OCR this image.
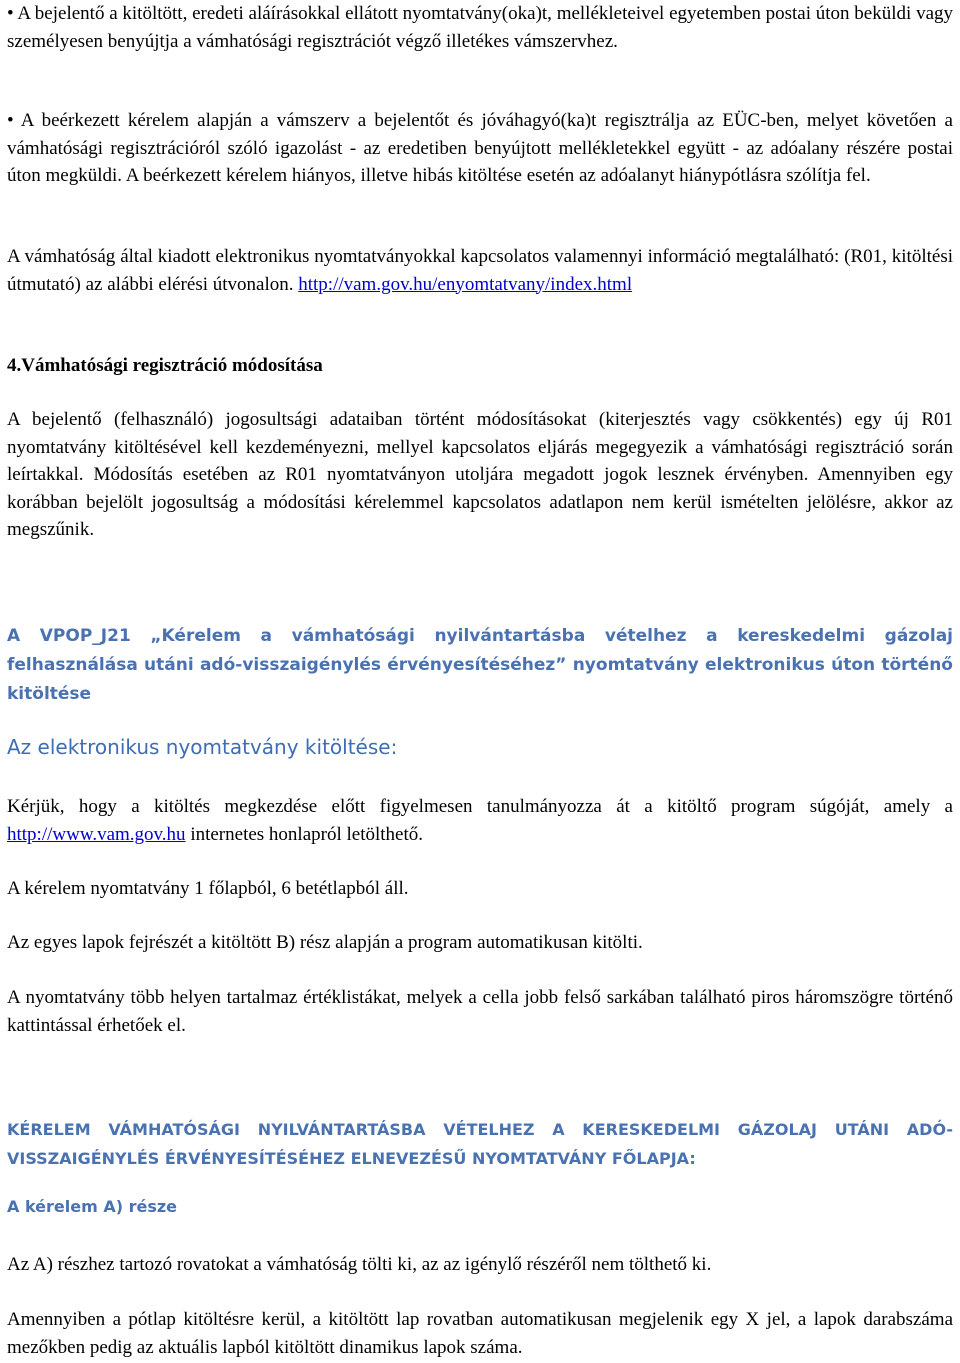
• A bejelentő a kitöltött, eredeti aláírásokkal ellátott nyomtatvány(oka)t, mellékleteivel egyetemben postai úton beküldi vagy személyesen benyújtja a vámhatósági regisztrációt végző illetékes vámszervhez.
• A beérkezett kérelem alapján a vámszerv a bejelentőt és jóváhagyó(ka)t regisztrálja az EÜC-ben, melyet követően a vámhatósági regisztrációról szóló igazolást - az eredetiben benyújtott mellékletekkel együtt - az adóalany részére postai úton megküldi. A beérkezett kérelem hiányos, illetve hibás kitöltése esetén az adóalanyt hiánypótlásra szólítja fel.

A vámhatóság által kiadott elektronikus nyomtatványokkal kapcsolatos valamennyi információ megtalálható: (R01, kitöltési útmutató) az alábbi elérési útvonalon. http://vam.gov.hu/enyomtatvany/index.html

4.Vámhatósági regisztráció módosítása

A bejelentő (felhasználó) jogosultsági adataiban történt módosításokat (kiterjesztés vagy csökkentés) egy új R01 nyomtatvány kitöltésével kell kezdeményezni, mellyel kapcsolatos eljárás megegyezik a vámhatósági regisztráció során leírtakkal. Módosítás esetében az R01 nyomtatványon utoljára megadott jogok lesznek érvényben. Amennyiben egy korábban bejelölt jogosultság a módosítási kérelemmel kapcsolatos adatlapon nem kerül ismételten jelölésre, akkor az megszűnik.

A VPOP_J21 „Kérelem a vámhatósági nyilvántartásba vételhez a kereskedelmi gázolaj felhasználása utáni adó-visszaigénylés érvényesítéséhez” nyomtatvány elektronikus úton történő kitöltése
Az elektronikus nyomtatvány kitöltése:

Kérjük, hogy a kitöltés megkezdése előtt figyelmesen tanulmányozza át a kitöltő program súgóját, amely a http://www.vam.gov.hu internetes honlapról letölthető.

A kérelem nyomtatvány 1 főlapból, 6 betétlapból áll.

Az egyes lapok fejrészét a kitöltött B) rész alapján a program automatikusan kitölti.

A nyomtatvány több helyen tartalmaz értéklistákat, melyek a cella jobb felső sarkában található piros háromszögre történő kattintással érhetőek el.

KÉRELEM VÁMHATÓSÁGI NYILVÁNTARTÁSBA VÉTELHEZ A KERESKEDELMI GÁZOLAJ UTÁNI ADÓ-VISSZAIGÉNYLÉS ÉRVÉNYESÍTÉSÉHEZ ELNEVEZÉSŰ NYOMTATVÁNY FŐLAPJA:
A kérelem A) része

Az A) részhez tartozó rovatokat a vámhatóság tölti ki, az az igénylő részéről nem tölthető ki.

Amennyiben a pótlap kitöltésre kerül, a kitöltött lap rovatban automatikusan megjelenik egy X jel, a lapok darabszáma mezőkben pedig az aktuális lapból kitöltött dinamikus lapok száma.
